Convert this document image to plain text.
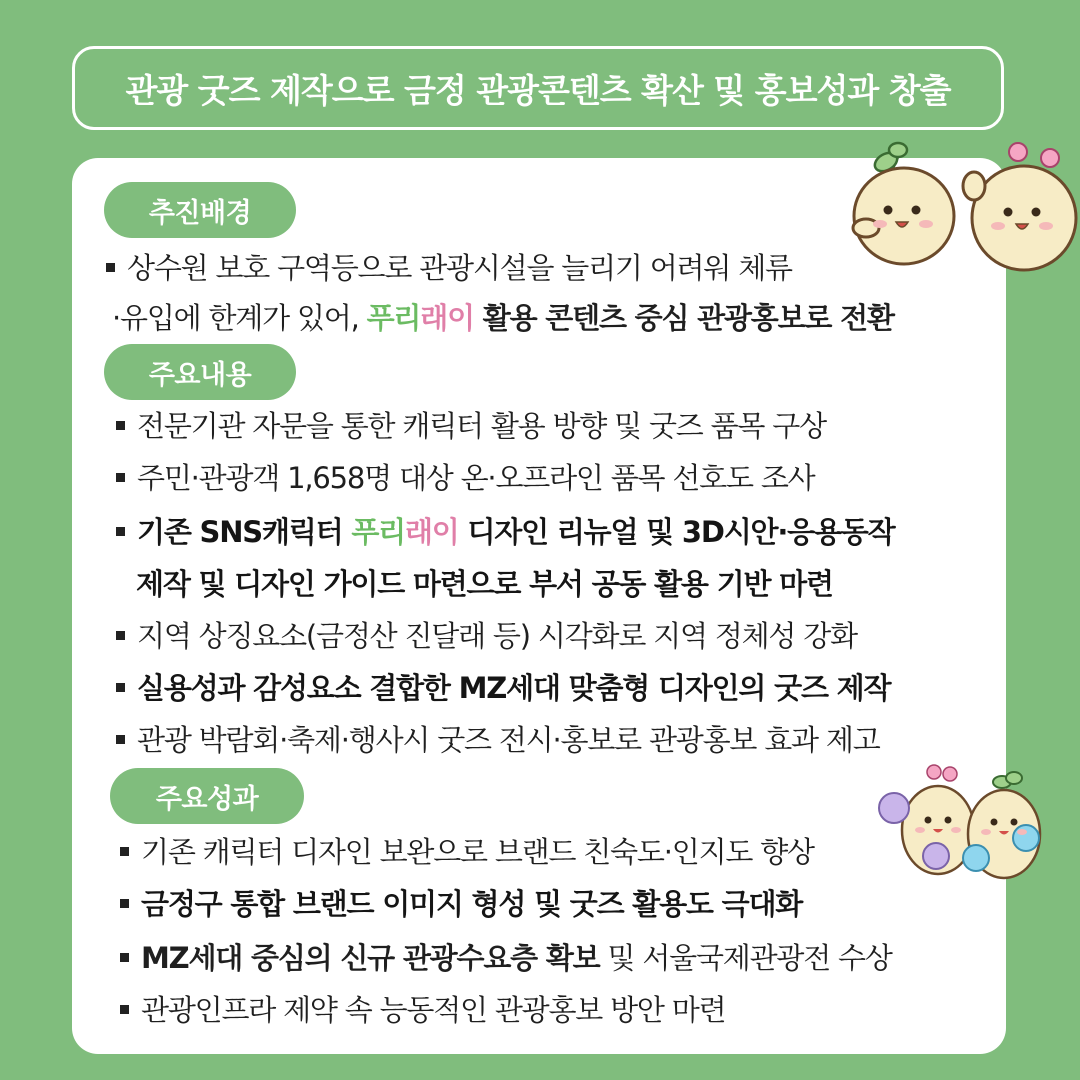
관광 굿즈 제작으로 금정 관광콘텐츠 확산 및 홍보성과 창출
추진배경
상수원 보호 구역등으로 관광시설을 늘리기 어려워 체류
·유입에 한계가 있어, 푸리래이 활용 콘텐츠 중심 관광홍보로 전환
주요내용
전문기관 자문을 통한 캐릭터 활용 방향 및 굿즈 품목 구상
주민·관광객 1,658명 대상 온·오프라인 품목 선호도 조사
기존 SNS캐릭터 푸리래이 디자인 리뉴얼 및 3D시안·응용동작
제작 및 디자인 가이드 마련으로 부서 공동 활용 기반 마련
지역 상징요소(금정산 진달래 등) 시각화로 지역 정체성 강화
실용성과 감성요소 결합한 MZ세대 맞춤형 디자인의 굿즈 제작
관광 박람회·축제·행사시 굿즈 전시·홍보로 관광홍보 효과 제고
주요성과
기존 캐릭터 디자인 보완으로 브랜드 친숙도·인지도 향상
금정구 통합 브랜드 이미지 형성 및 굿즈 활용도 극대화
MZ세대 중심의 신규 관광수요층 확보 및 서울국제관광전 수상
관광인프라 제약 속 능동적인 관광홍보 방안 마련
